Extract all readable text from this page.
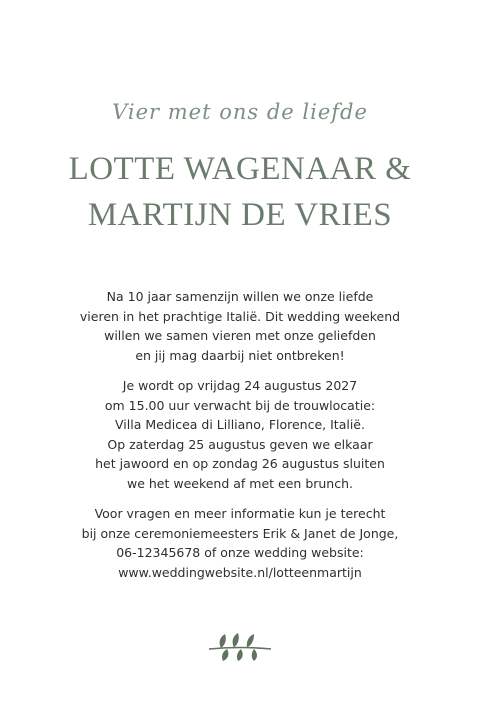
Vier met ons de liefde
LOTTE WAGENAAR &
MARTIJN DE VRIES
Na 10 jaar samenzijn willen we onze liefde
vieren in het prachtige Italië. Dit wedding weekend
willen we samen vieren met onze geliefden
en jij mag daarbij niet ontbreken!
Je wordt op vrijdag 24 augustus 2027
om 15.00 uur verwacht bij de trouwlocatie:
Villa Medicea di Lilliano, Florence, Italië.
Op zaterdag 25 augustus geven we elkaar
het jawoord en op zondag 26 augustus sluiten
we het weekend af met een brunch.
Voor vragen en meer informatie kun je terecht
bij onze ceremoniemeesters Erik & Janet de Jonge,
06-12345678 of onze wedding website:
www.weddingwebsite.nl/lotteenmartijn
